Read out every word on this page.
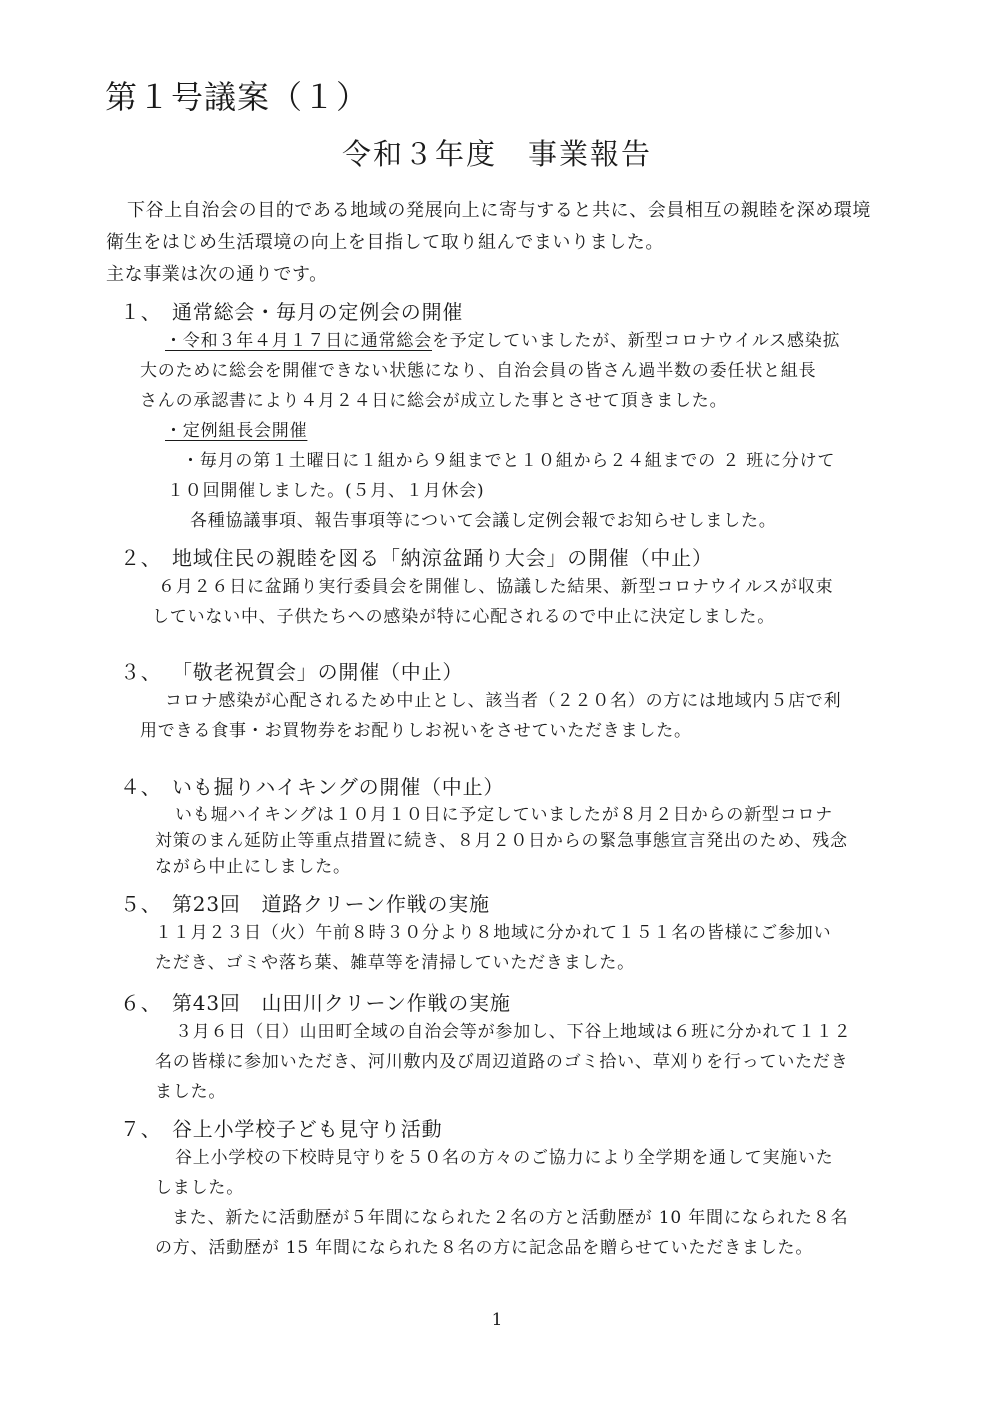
第１号議案（１）
令和３年度　事業報告
下谷上自治会の目的である地域の発展向上に寄与すると共に、会員相互の親睦を深め環境
衛生をはじめ生活環境の向上を目指して取り組んでまいりました。
主な事業は次の通りです。
１、 通常総会・毎月の定例会の開催
・令和３年４月１７日に通常総会を予定していましたが、新型コロナウイルス感染拡
大のために総会を開催できない状態になり、自治会員の皆さん過半数の委任状と組長
さんの承認書により４月２４日に総会が成立した事とさせて頂きました。
・定例組長会開催
・毎月の第１土曜日に１組から９組までと１０組から２４組までの ２ 班に分けて
１０回開催しました。(５月、１月休会)
各種協議事項、報告事項等について会議し定例会報でお知らせしました。
２、 地域住民の親睦を図る「納涼盆踊り大会」の開催（中止）
６月２６日に盆踊り実行委員会を開催し、協議した結果、新型コロナウイルスが収束
していない中、子供たちへの感染が特に心配されるので中止に決定しました。
３、 「敬老祝賀会」の開催（中止）
コロナ感染が心配されるため中止とし、該当者（２２０名）の方には地域内５店で利
用できる食事・お買物券をお配りしお祝いをさせていただきました。
４、 いも掘りハイキングの開催（中止）
いも堀ハイキングは１０月１０日に予定していましたが８月２日からの新型コロナ
対策のまん延防止等重点措置に続き、８月２０日からの緊急事態宣言発出のため、残念
ながら中止にしました。
５、 第23回　道路クリーン作戦の実施
１１月２３日（火）午前８時３０分より８地域に分かれて１５１名の皆様にご参加い
ただき、ゴミや落ち葉、雑草等を清掃していただきました。
６、 第43回　山田川クリーン作戦の実施
３月６日（日）山田町全域の自治会等が参加し、下谷上地域は６班に分かれて１１２
名の皆様に参加いただき、河川敷内及び周辺道路のゴミ拾い、草刈りを行っていただき
ました。
７、 谷上小学校子ども見守り活動
谷上小学校の下校時見守りを５０名の方々のご協力により全学期を通して実施いた
しました。
また、新たに活動歴が５年間になられた２名の方と活動歴が 10 年間になられた８名
の方、活動歴が 15 年間になられた８名の方に記念品を贈らせていただきました。
1
